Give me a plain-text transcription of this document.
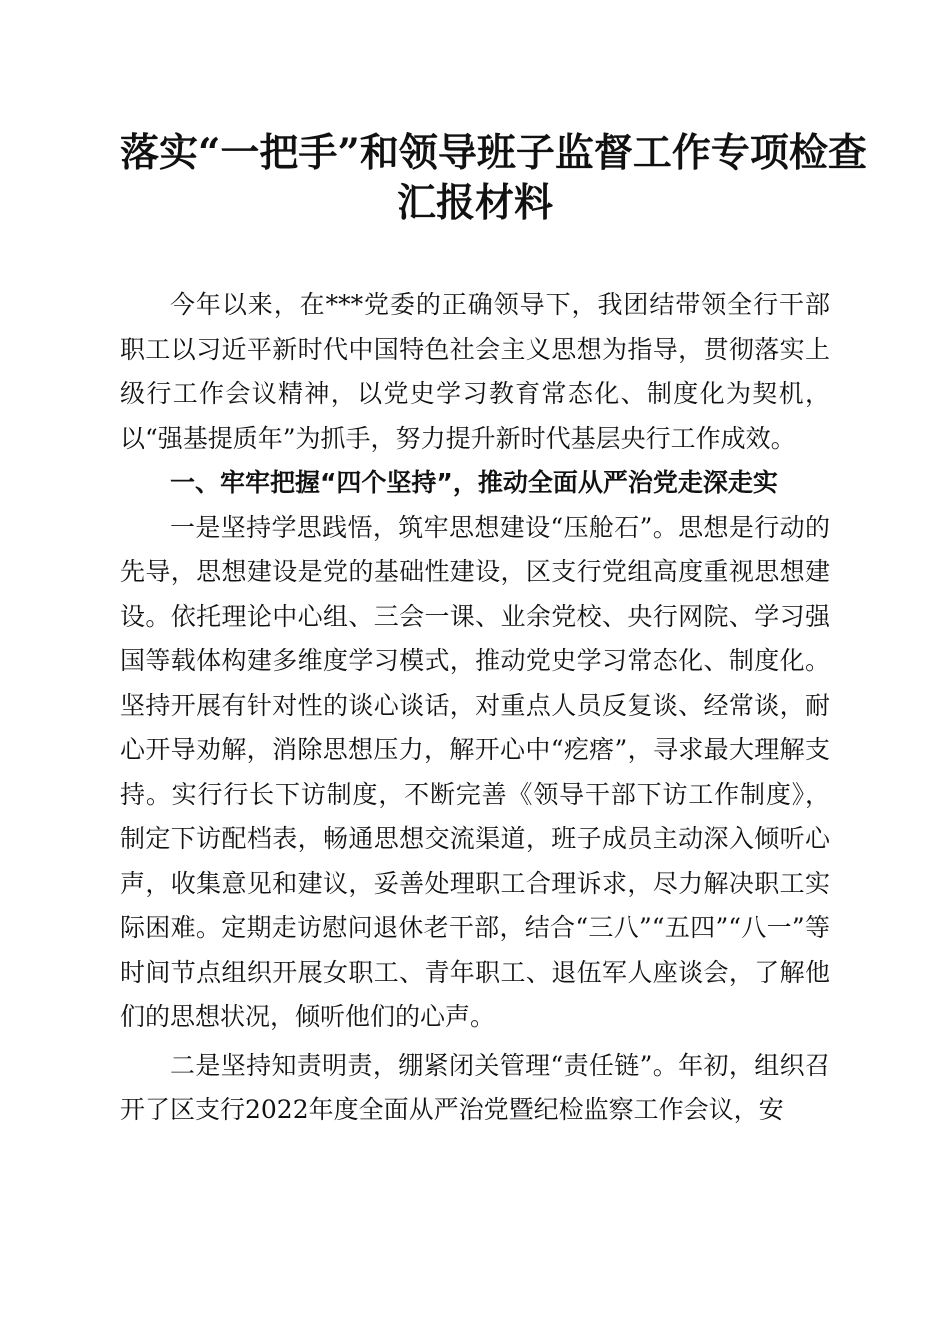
落实“一把手”和领导班子监督工作专项检查
汇报材料

今年以来，在***党委的正确领导下，我团结带领全行干部职工以习近平新时代中国特色社会主义思想为指导，贯彻落实上级行工作会议精神，以党史学习教育常态化、制度化为契机，以“强基提质年”为抓手，努力提升新时代基层央行工作成效。

一、牢牢把握“四个坚持”，推动全面从严治党走深走实

一是坚持学思践悟，筑牢思想建设“压舱石”。思想是行动的先导，思想建设是党的基础性建设，区支行党组高度重视思想建设。依托理论中心组、三会一课、业余党校、央行网院、学习强国等载体构建多维度学习模式，推动党史学习常态化、制度化。坚持开展有针对性的谈心谈话，对重点人员反复谈、经常谈，耐心开导劝解，消除思想压力，解开心中“疙瘩”，寻求最大理解支持。实行行长下访制度，不断完善《领导干部下访工作制度》，制定下访配档表，畅通思想交流渠道，班子成员主动深入倾听心声，收集意见和建议，妥善处理职工合理诉求，尽力解决职工实际困难。定期走访慰问退休老干部，结合“三八”“五四”“八一”等时间节点组织开展女职工、青年职工、退伍军人座谈会，了解他们的思想状况，倾听他们的心声。

二是坚持知责明责，绷紧闭关管理“责任链”。年初，组织召开了区支行2022年度全面从严治党暨纪检监察工作会议，安
